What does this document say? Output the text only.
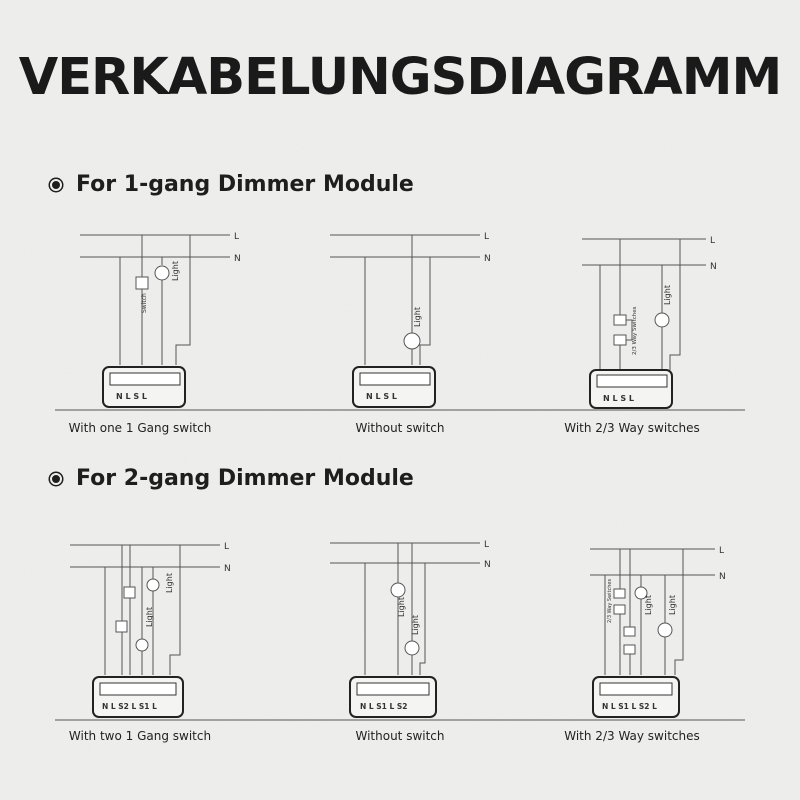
VERKABELUNGSDIAGRAMM
For 1-gang Dimmer Module
For 2-gang Dimmer Module
L
N
Light
Switch
N L S L
With one 1 Gang switch
L
N
Light
N L S L
Without switch
L
N
Light
2/3 Way Switches
N L S L
With 2/3 Way switches
L
N
Light
Light
N L S2 L S1 L
With two 1 Gang switch
L
N
Light
Light
N L S1 L S2
Without switch
L
N
Light Light
2/3 Way Switches
N L S1 L S2 L
With 2/3 Way switches
